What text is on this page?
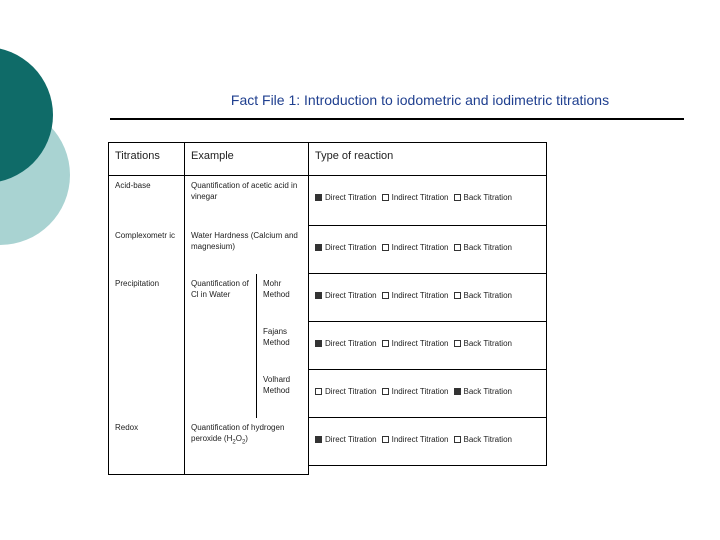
Fact File 1: Introduction to iodometric and iodimetric titrations
Titrations	Example		Type of reaction
Acid-base	Quantification of acetic acid in vinegar		Direct Titration Indirect Titration Back Titration

Complexometr ic	Water Hardness (Calcium and magnesium)		Direct Titration Indirect Titration Back Titration

Precipitation	Quantification of Cl in Water	Mohr Method	Direct Titration Indirect Titration Back Titration

		Fajans Method	Direct Titration Indirect Titration Back Titration

		Volhard Method	Direct Titration Indirect Titration Back Titration

Redox	Quantification of hydrogen peroxide $(H_2O_2)$		Direct Titration Indirect Titration Back Titration
